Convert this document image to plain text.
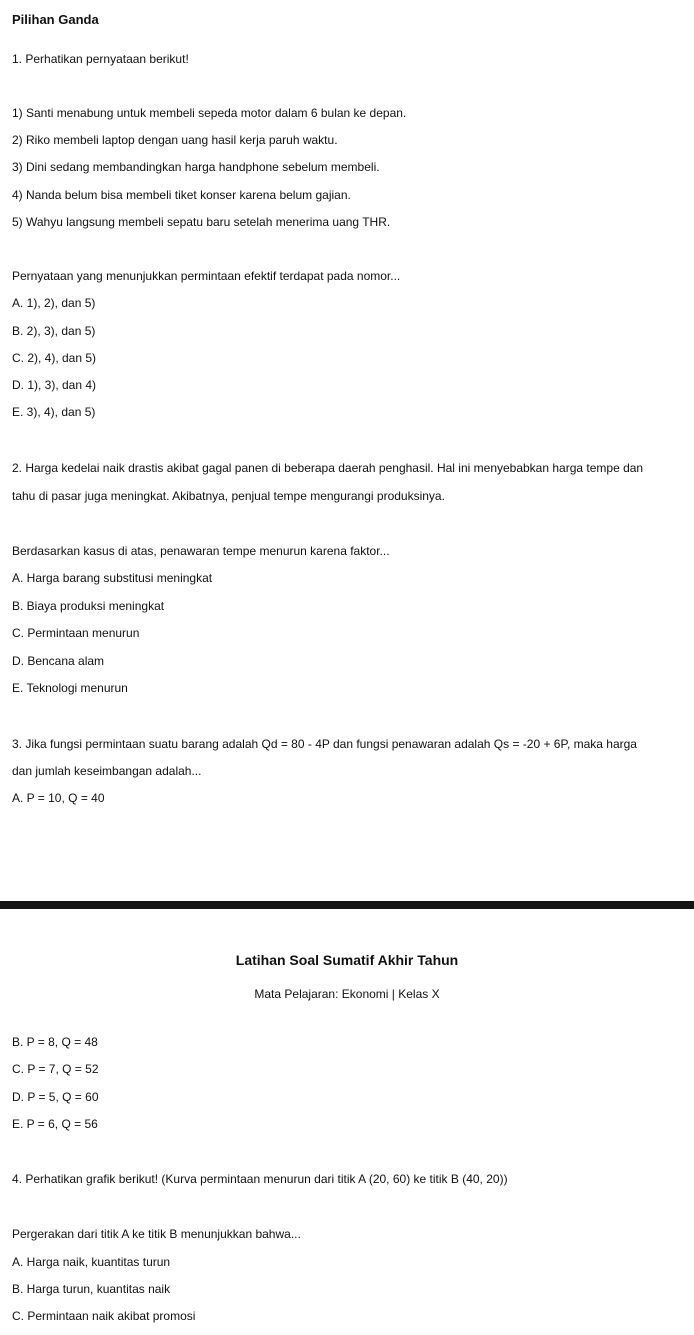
Pilihan Ganda
1. Perhatikan pernyataan berikut!
1) Santi menabung untuk membeli sepeda motor dalam 6 bulan ke depan.
2) Riko membeli laptop dengan uang hasil kerja paruh waktu.
3) Dini sedang membandingkan harga handphone sebelum membeli.
4) Nanda belum bisa membeli tiket konser karena belum gajian.
5) Wahyu langsung membeli sepatu baru setelah menerima uang THR.
Pernyataan yang menunjukkan permintaan efektif terdapat pada nomor...
A. 1), 2), dan 5)
B. 2), 3), dan 5)
C. 2), 4), dan 5)
D. 1), 3), dan 4)
E. 3), 4), dan 5)
2. Harga kedelai naik drastis akibat gagal panen di beberapa daerah penghasil. Hal ini menyebabkan harga tempe dan
tahu di pasar juga meningkat. Akibatnya, penjual tempe mengurangi produksinya.
Berdasarkan kasus di atas, penawaran tempe menurun karena faktor...
A. Harga barang substitusi meningkat
B. Biaya produksi meningkat
C. Permintaan menurun
D. Bencana alam
E. Teknologi menurun
3. Jika fungsi permintaan suatu barang adalah Qd = 80 - 4P dan fungsi penawaran adalah Qs = -20 + 6P, maka harga
dan jumlah keseimbangan adalah...
A. P = 10, Q = 40
Latihan Soal Sumatif Akhir Tahun
Mata Pelajaran: Ekonomi | Kelas X
B. P = 8, Q = 48
C. P = 7, Q = 52
D. P = 5, Q = 60
E. P = 6, Q = 56
4. Perhatikan grafik berikut! (Kurva permintaan menurun dari titik A (20, 60) ke titik B (40, 20))
Pergerakan dari titik A ke titik B menunjukkan bahwa...
A. Harga naik, kuantitas turun
B. Harga turun, kuantitas naik
C. Permintaan naik akibat promosi
